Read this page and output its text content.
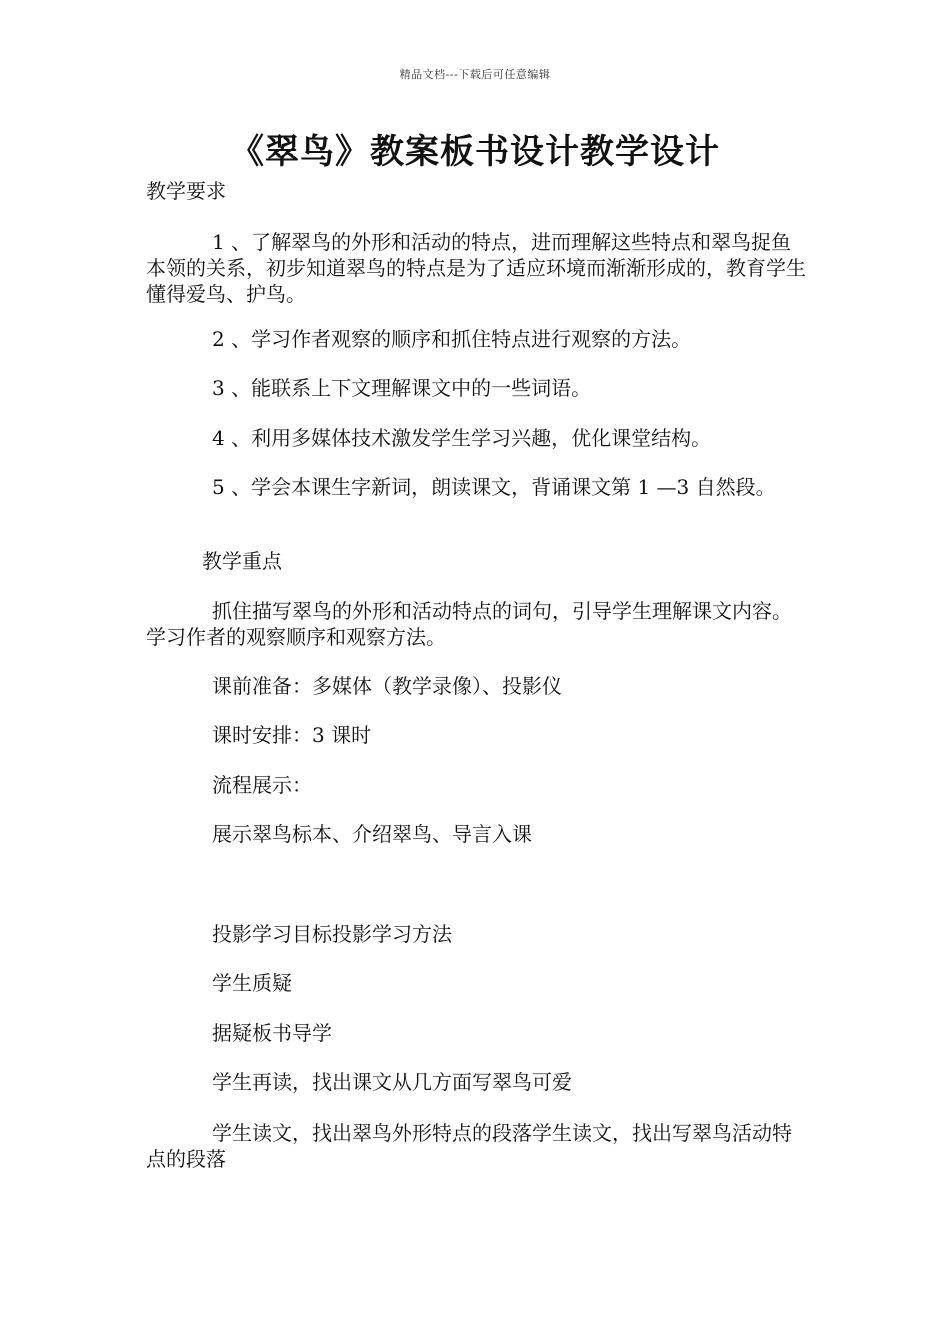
精品文档---下载后可任意编辑
《翠鸟》教案板书设计教学设计

教学要求

1 、了解翠鸟的外形和活动的特点，进而理解这些特点和翠鸟捉鱼本领的关系，初步知道翠鸟的特点是为了适应环境而渐渐形成的，教育学生懂得爱鸟、护鸟。

2 、学习作者观察的顺序和抓住特点进行观察的方法。

3 、能联系上下文理解课文中的一些词语。

4 、利用多媒体技术激发学生学习兴趣，优化课堂结构。

5 、学会本课生字新词，朗读课文，背诵课文第 1 —3 自然段。

教学重点

抓住描写翠鸟的外形和活动特点的词句，引导学生理解课文内容。学习作者的观察顺序和观察方法。

课前准备：多媒体（教学录像）、投影仪

课时安排：3 课时

流程展示：

展示翠鸟标本、介绍翠鸟、导言入课

投影学习目标投影学习方法

学生质疑

据疑板书导学

学生再读，找出课文从几方面写翠鸟可爱

学生读文，找出翠鸟外形特点的段落学生读文，找出写翠鸟活动特点的段落
